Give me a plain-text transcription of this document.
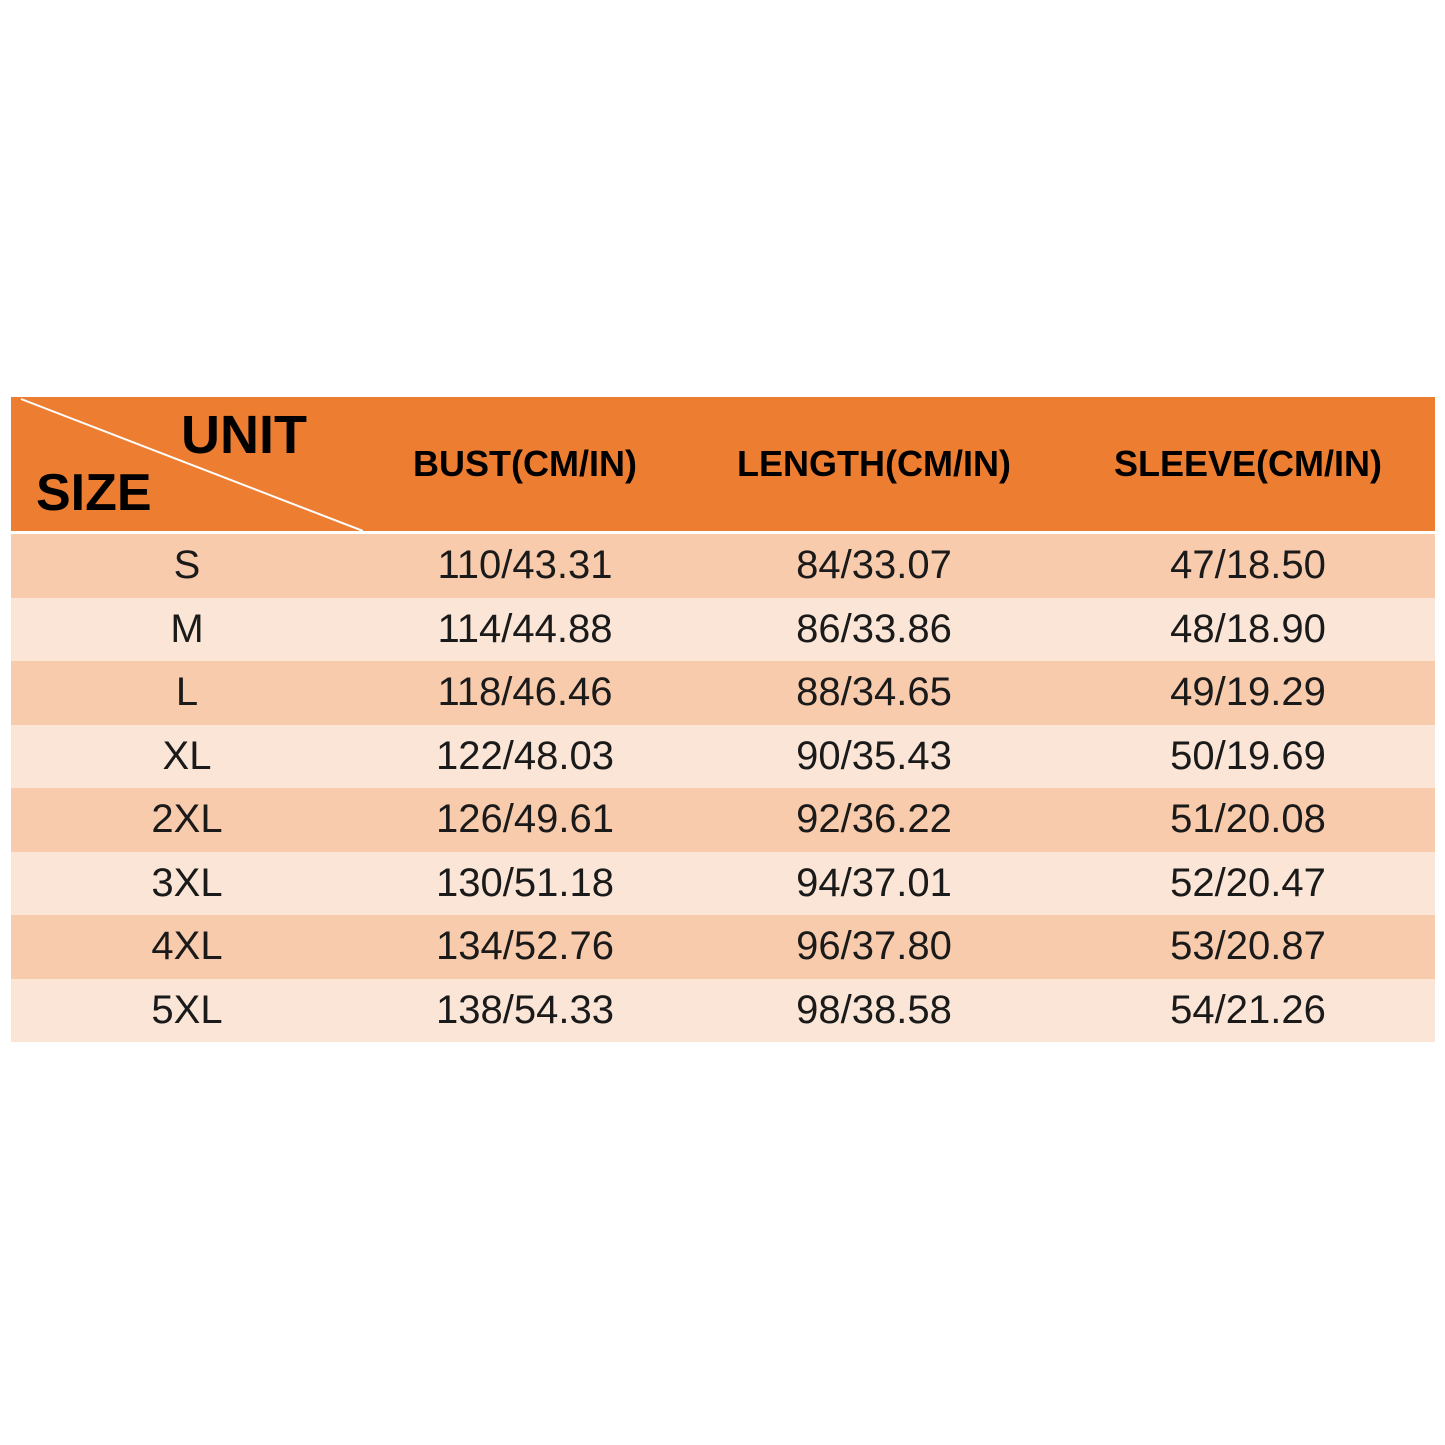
UNIT
SIZE
BUST(CM/IN)	LENGTH(CM/IN)	SLEEVE(CM/IN)
S	110/43.31	84/33.07	47/18.50
M	114/44.88	86/33.86	48/18.90
L	118/46.46	88/34.65	49/19.29
XL	122/48.03	90/35.43	50/19.69
2XL	126/49.61	92/36.22	51/20.08
3XL	130/51.18	94/37.01	52/20.47
4XL	134/52.76	96/37.80	53/20.87
5XL	138/54.33	98/38.58	54/21.26
